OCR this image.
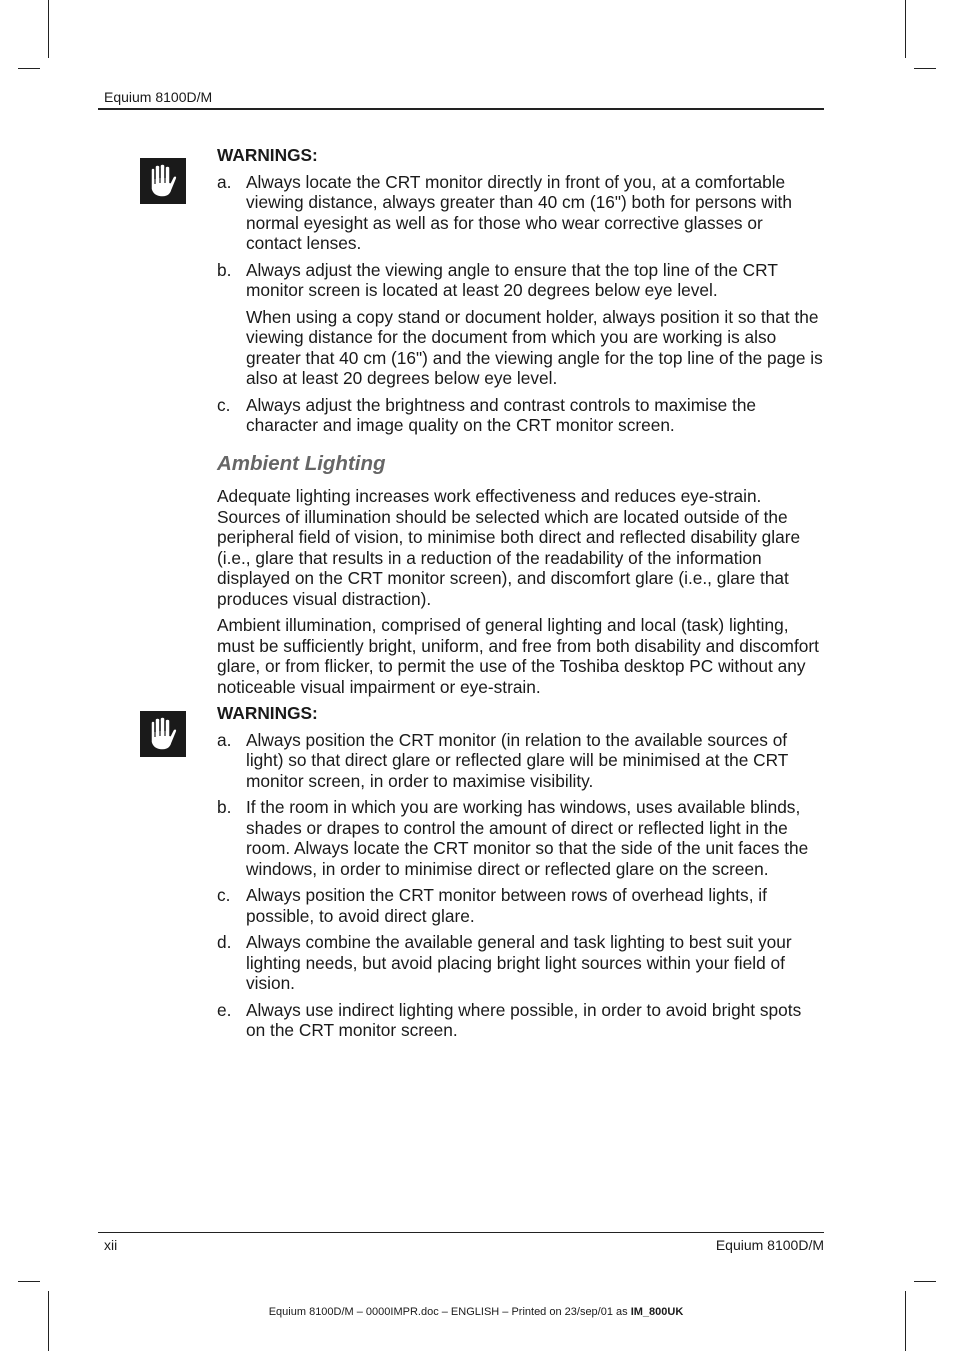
Equium 8100D/M
WARNINGS:
a. Always locate the CRT monitor directly in front of you, at a comfortable viewing distance, always greater than 40 cm (16") both for persons with normal eyesight as well as for those who wear corrective glasses or contact lenses.

b. Always adjust the viewing angle to ensure that the top line of the CRT monitor screen is located at least 20 degrees below eye level.

When using a copy stand or document holder, always position it so that the viewing distance for the document from which you are working is also greater that 40 cm (16") and the viewing angle for the top line of the page is also at least 20 degrees below eye level.

c. Always adjust the brightness and contrast controls to maximise the character and image quality on the CRT monitor screen.

Ambient Lighting

Adequate lighting increases work effectiveness and reduces eye-strain. Sources of illumination should be selected which are located outside of the peripheral field of vision, to minimise both direct and reflected disability glare (i.e., glare that results in a reduction of the readability of the information displayed on the CRT monitor screen), and discomfort glare (i.e., glare that produces visual distraction).

Ambient illumination, comprised of general lighting and local (task) lighting, must be sufficiently bright, uniform, and free from both disability and discomfort glare, or from flicker, to permit the use of the Toshiba desktop PC without any noticeable visual impairment or eye-strain.

WARNINGS:
a. Always position the CRT monitor (in relation to the available sources of light) so that direct glare or reflected glare will be minimised at the CRT monitor screen, in order to maximise visibility.

b. If the room in which you are working has windows, uses available blinds, shades or drapes to control the amount of direct or reflected light in the room. Always locate the CRT monitor so that the side of the unit faces the windows, in order to minimise direct or reflected glare on the screen.

c. Always position the CRT monitor between rows of overhead lights, if possible, to avoid direct glare.

d. Always combine the available general and task lighting to best suit your lighting needs, but avoid placing bright light sources within your field of vision.

e. Always use indirect lighting where possible, in order to avoid bright spots on the CRT monitor screen.

xii	Equium 8100D/M
Equium 8100D/M – 0000IMPR.doc – ENGLISH – Printed on 23/sep/01 as IM_800UK
